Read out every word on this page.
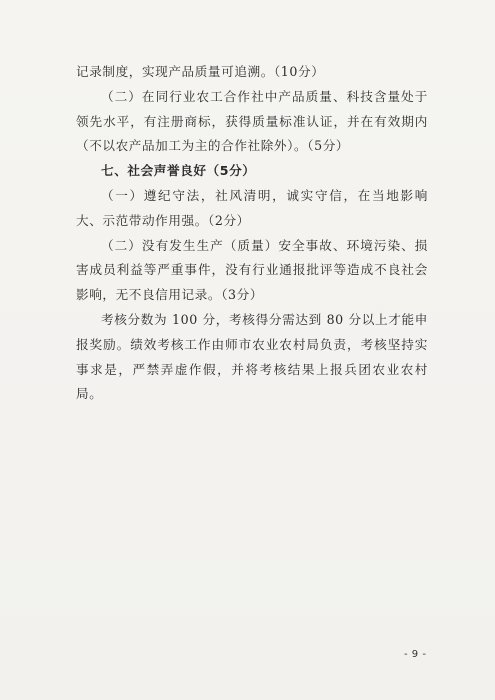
记录制度，实现产品质量可追溯。（10分）

（二）在同行业农工合作社中产品质量、科技含量处于领先水平，有注册商标，获得质量标准认证，并在有效期内（不以农产品加工为主的合作社除外）。（5分）

七、社会声誉良好（5分）

（一）遵纪守法，社风清明，诚实守信，在当地影响大、示范带动作用强。（2分）

（二）没有发生生产（质量）安全事故、环境污染、损害成员利益等严重事件，没有行业通报批评等造成不良社会影响，无不良信用记录。（3分）

考核分数为 100 分，考核得分需达到 80 分以上才能申报奖励。绩效考核工作由师市农业农村局负责，考核坚持实事求是，严禁弄虚作假，并将考核结果上报兵团农业农村局。

- 9 -
